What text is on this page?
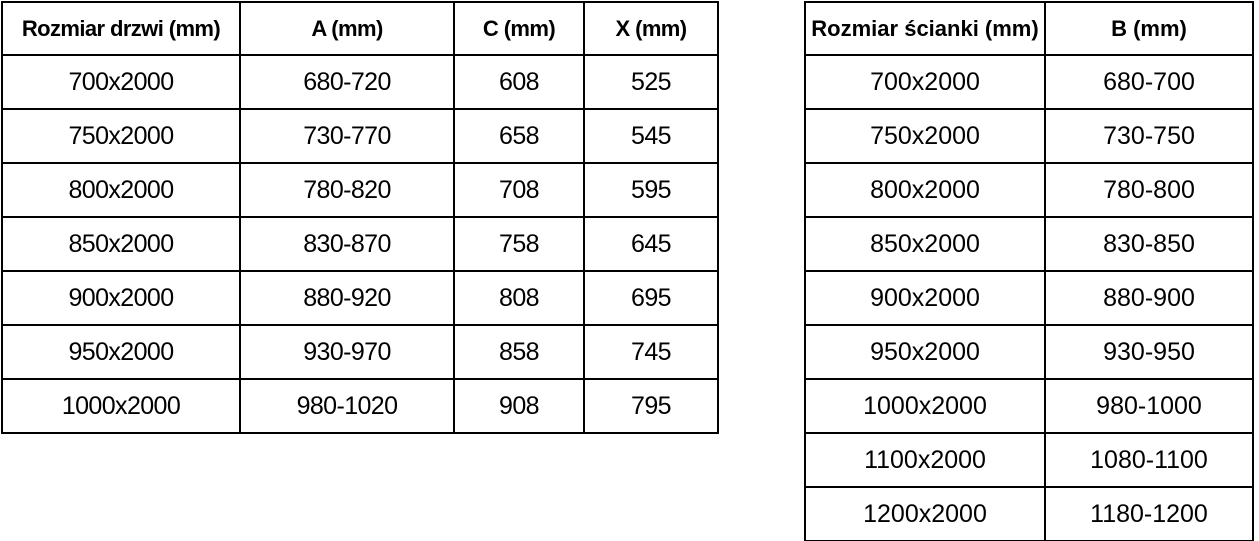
Rozmiar drzwi (mm)	A (mm)	C (mm)	X (mm)
700x2000	680-720	608	525
750x2000	730-770	658	545
800x2000	780-820	708	595
850x2000	830-870	758	645
900x2000	880-920	808	695
950x2000	930-970	858	745
1000x2000	980-1020	908	795
Rozmiar ścianki (mm)	B (mm)
700x2000	680-700
750x2000	730-750
800x2000	780-800
850x2000	830-850
900x2000	880-900
950x2000	930-950
1000x2000	980-1000
1100x2000	1080-1100
1200x2000	1180-1200
